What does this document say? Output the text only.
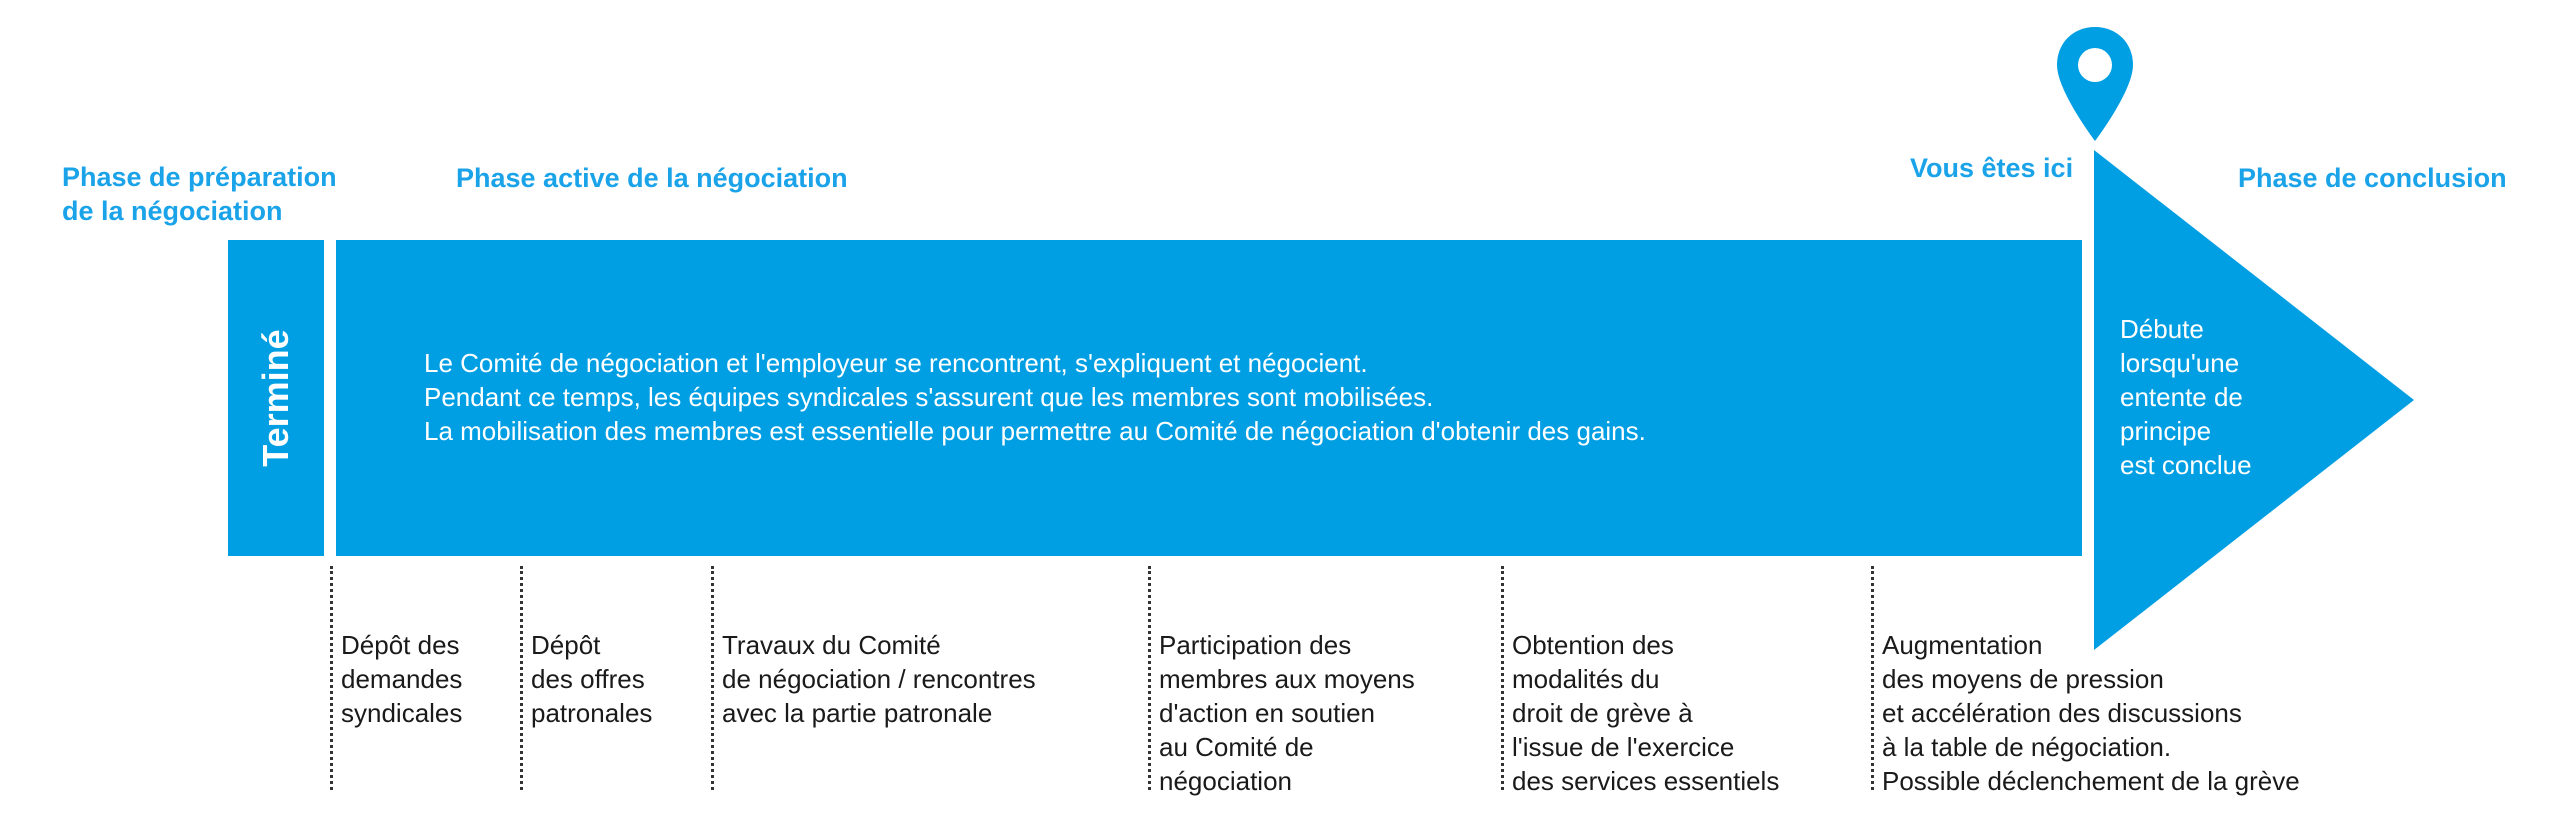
Phase de préparation
de la négociation
Phase active de la négociation	Vous êtes ici	Phase de conclusion
Terminé	Le Comité de négociation et l'employeur se rencontrent, s'expliquent et négocient.
Pendant ce temps, les équipes syndicales s'assurent que les membres sont mobilisées.
La mobilisation des membres est essentielle pour permettre au Comité de négociation d'obtenir des gains.
Débute
lorsqu'une
entente de
principe
est conclue
Dépôt des
demandes
syndicales
Dépôt
des offres
patronales
Travaux du Comité
de négociation / rencontres
avec la partie patronale
Participation des
membres aux moyens
d'action en soutien
au Comité de
négociation
Obtention des
modalités du
droit de grève à
l'issue de l'exercice
des services essentiels
Augmentation
des moyens de pression
et accélération des discussions
à la table de négociation.
Possible déclenchement de la grève
